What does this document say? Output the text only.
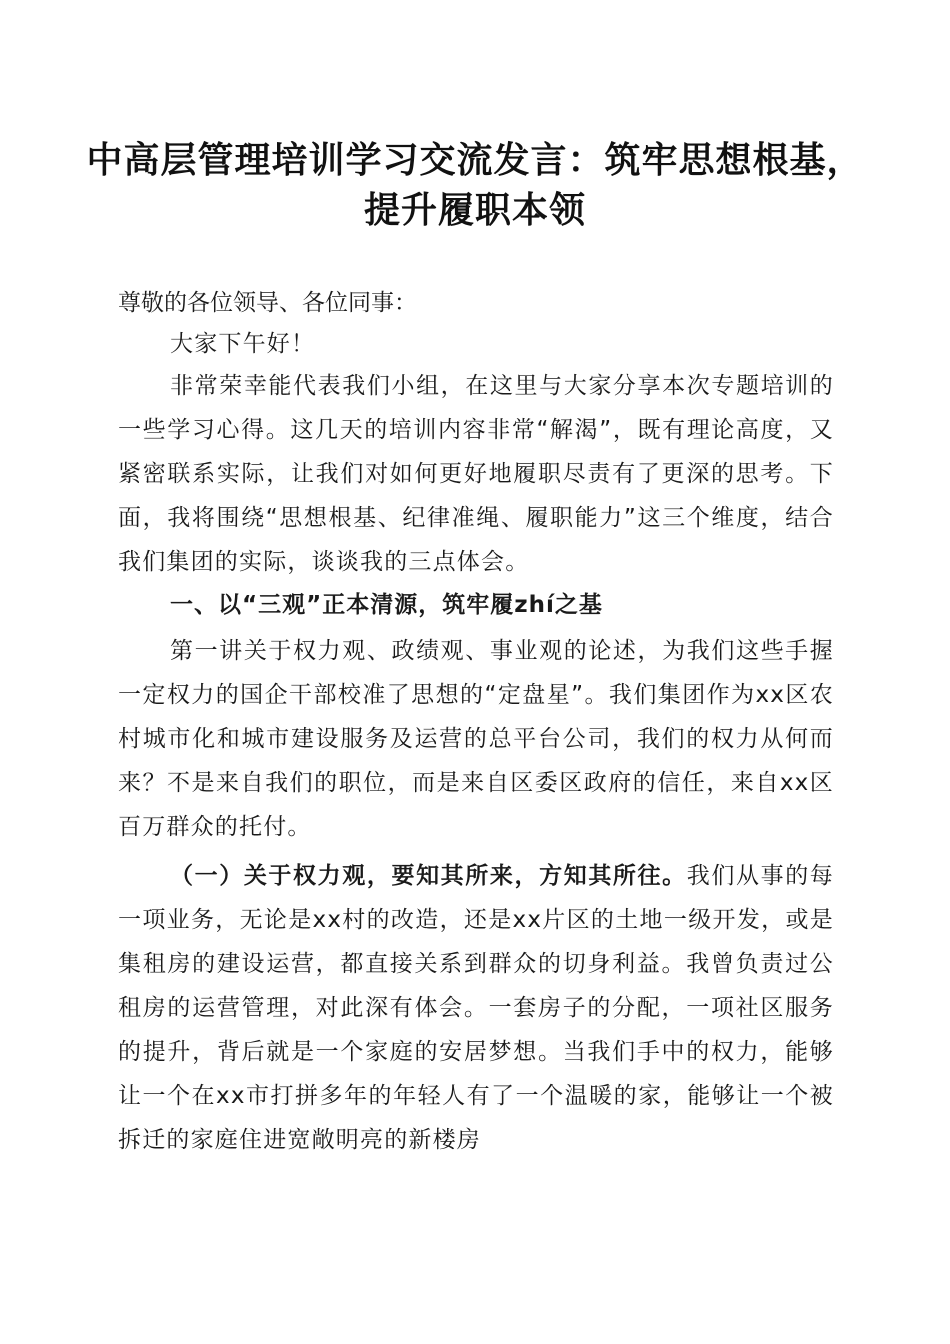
中高层管理培训学习交流发言：筑牢思想根基，
提升履职本领
尊敬的各位领导、各位同事：
大家下午好！
非常荣幸能代表我们小组，在这里与大家分享本次专题培训的一些学习心得。这几天的培训内容非常“解渴”，既有理论高度，又紧密联系实际，让我们对如何更好地履职尽责有了更深的思考。下面，我将围绕“思想根基、纪律准绳、履职能力”这三个维度，结合我们集团的实际，谈谈我的三点体会。
一、以“三观”正本清源，筑牢履zhí之基
第一讲关于权力观、政绩观、事业观的论述，为我们这些手握一定权力的国企干部校准了思想的“定盘星”。我们集团作为xx区农村城市化和城市建设服务及运营的总平台公司，我们的权力从何而来？不是来自我们的职位，而是来自区委区政府的信任，来自xx区百万群众的托付。
（一）关于权力观，要知其所来，方知其所往。我们从事的每一项业务，无论是xx村的改造，还是xx片区的土地一级开发，或是集租房的建设运营，都直接关系到群众的切身利益。我曾负责过公租房的运营管理，对此深有体会。一套房子的分配，一项社区服务的提升，背后就是一个家庭的安居梦想。当我们手中的权力，能够让一个在xx市打拼多年的年轻人有了一个温暖的家，能够让一个被拆迁的家庭住进宽敞明亮的新楼房
